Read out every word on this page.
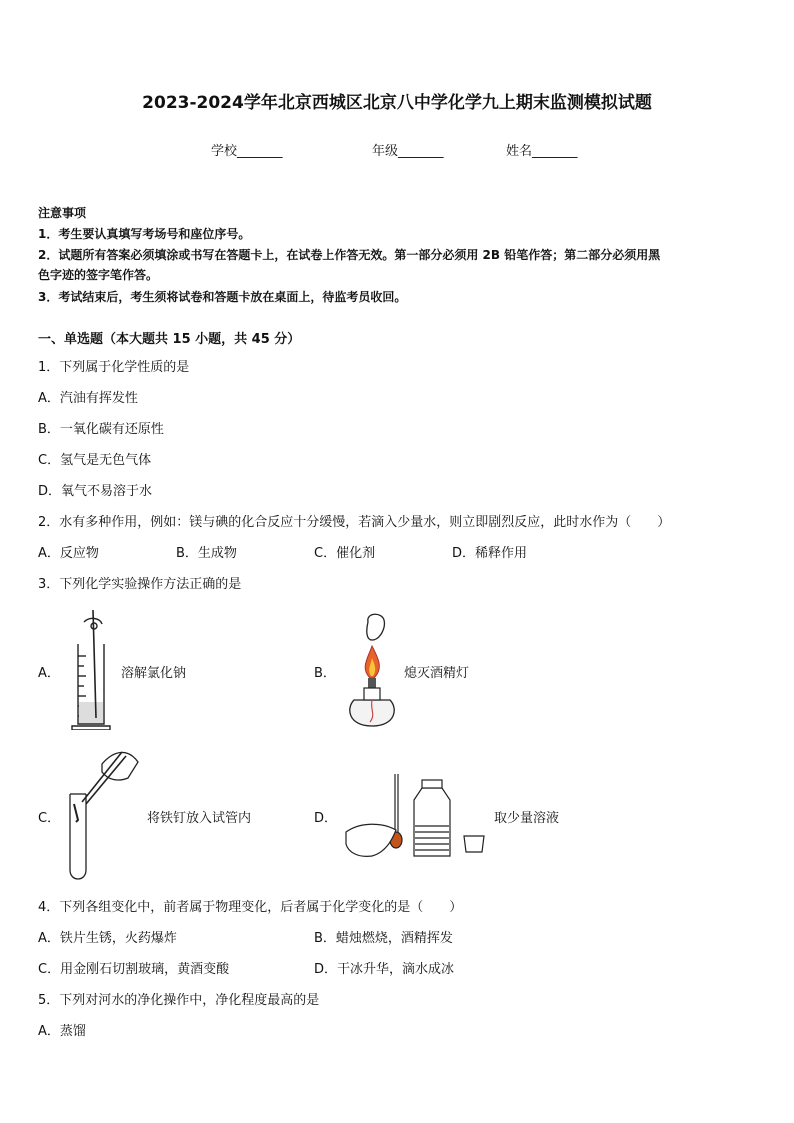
2023-2024学年北京西城区北京八中学化学九上期末监测模拟试题
学校_______	年级_______	姓名_______
注意事项
1．考生要认真填写考场号和座位序号。
2．试题所有答案必须填涂或书写在答题卡上，在试卷上作答无效。第一部分必须用 2B 铅笔作答；第二部分必须用黑
色字迹的签字笔作答。
3．考试结束后，考生须将试卷和答题卡放在桌面上，待监考员收回。
一、单选题（本大题共 15 小题，共 45 分）
1．下列属于化学性质的是
A．汽油有挥发性
B．一氧化碳有还原性
C．氢气是无色气体
D．氧气不易溶于水
2．水有多种作用，例如：镁与碘的化合反应十分缓慢，若滴入少量水，则立即剧烈反应，此时水作为（　　）
A．反应物	B．生成物	C．催化剂	D．稀释作用
3．下列化学实验操作方法正确的是
A．	溶解氯化钠	B．	熄灭酒精灯
C．	将铁钉放入试管内	D．	取少量溶液
4．下列各组变化中，前者属于物理变化，后者属于化学变化的是（　　）
A．铁片生锈，火药爆炸	B．蜡烛燃烧，酒精挥发
C．用金刚石切割玻璃，黄酒变酸	D．干冰升华，滴水成冰
5．下列对河水的净化操作中，净化程度最高的是
A．蒸馏
